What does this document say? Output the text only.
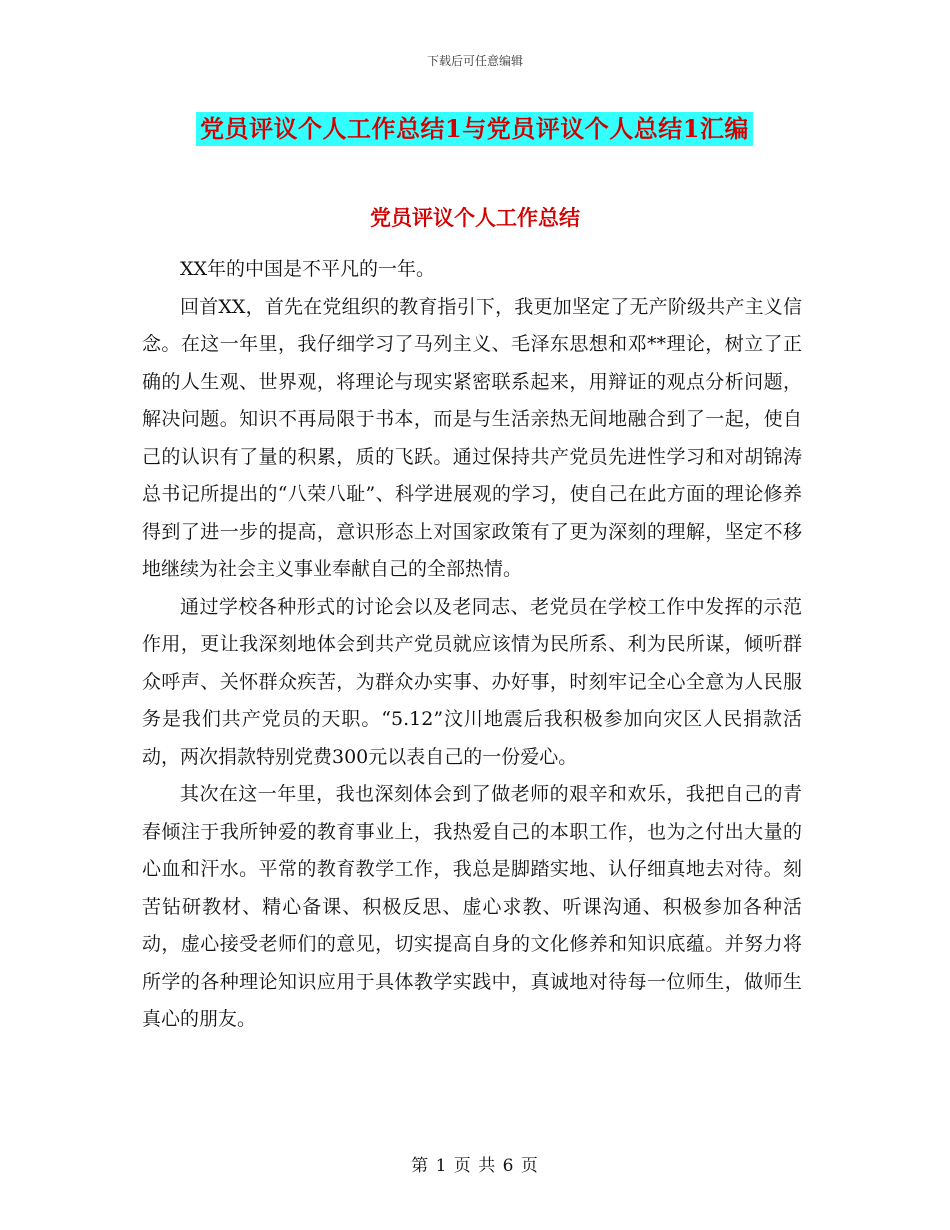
下载后可任意编辑
党员评议个人工作总结1与党员评议个人总结1汇编
党员评议个人工作总结

XX年的中国是不平凡的一年。

回首XX，首先在党组织的教育指引下，我更加坚定了无产阶级共产主义信念。在这一年里，我仔细学习了马列主义、毛泽东思想和邓**理论，树立了正确的人生观、世界观，将理论与现实紧密联系起来，用辩证的观点分析问题，解决问题。知识不再局限于书本，而是与生活亲热无间地融合到了一起，使自己的认识有了量的积累，质的飞跃。通过保持共产党员先进性学习和对胡锦涛总书记所提出的“八荣八耻”、科学进展观的学习，使自己在此方面的理论修养得到了进一步的提高，意识形态上对国家政策有了更为深刻的理解，坚定不移地继续为社会主义事业奉献自己的全部热情。

通过学校各种形式的讨论会以及老同志、老党员在学校工作中发挥的示范作用，更让我深刻地体会到共产党员就应该情为民所系、利为民所谋，倾听群众呼声、关怀群众疾苦，为群众办实事、办好事，时刻牢记全心全意为人民服务是我们共产党员的天职。“5.12”汶川地震后我积极参加向灾区人民捐款活动，两次捐款特别党费300元以表自己的一份爱心。

其次在这一年里，我也深刻体会到了做老师的艰辛和欢乐，我把自己的青春倾注于我所钟爱的教育事业上，我热爱自己的本职工作，也为之付出大量的心血和汗水。平常的教育教学工作，我总是脚踏实地、认仔细真地去对待。刻苦钻研教材、精心备课、积极反思、虚心求教、听课沟通、积极参加各种活动，虚心接受老师们的意见，切实提高自身的文化修养和知识底蕴。并努力将所学的各种理论知识应用于具体教学实践中，真诚地对待每一位师生，做师生真心的朋友。

第 1 页 共 6 页
